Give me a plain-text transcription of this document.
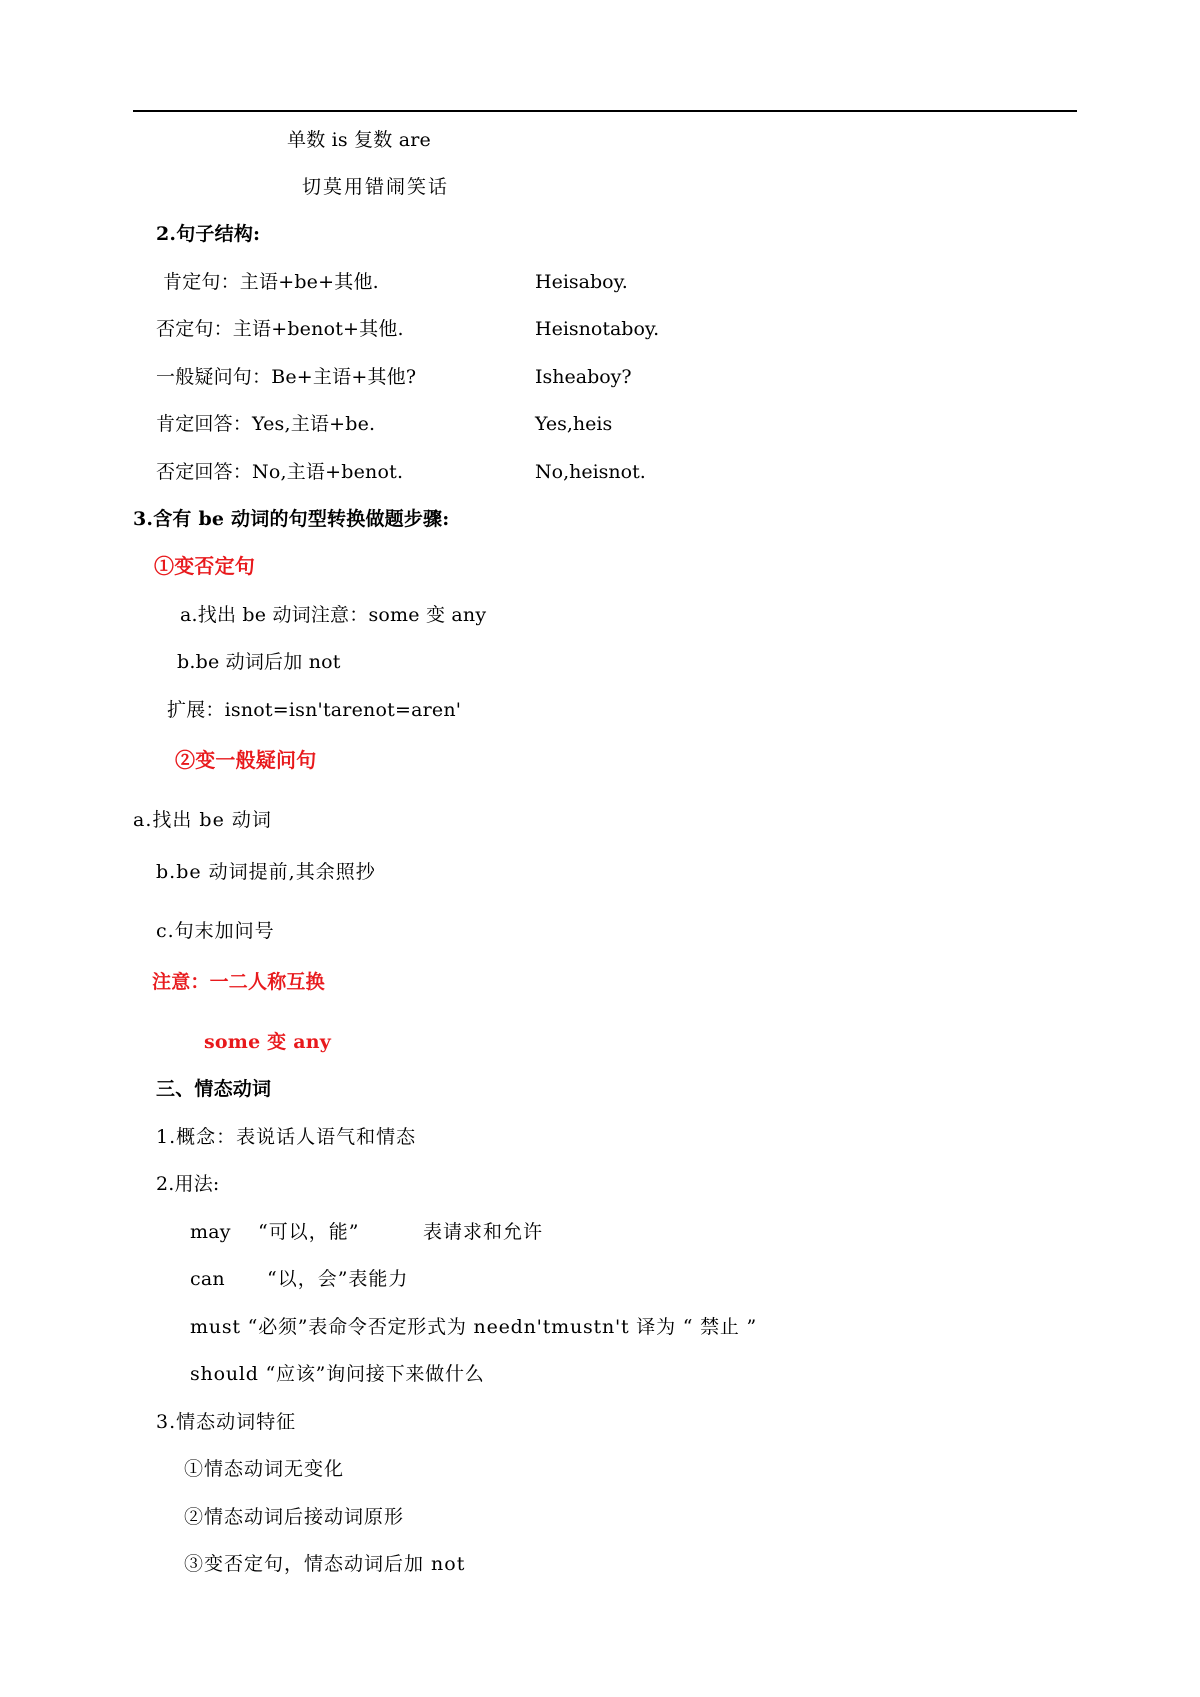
单数 is 复数 are
切莫用错闹笑话
2.句子结构:
肯定句：主语+be+其他.	Heisaboy.
否定句：主语+benot+其他.	Heisnotaboy.
一般疑问句：Be+主语+其他?	Isheaboy?
肯定回答：Yes,主语+be.	Yes,heis
否定回答：No,主语+benot.	No,heisnot.
3.含有 be 动词的句型转换做题步骤:
①变否定句
a.找出 be 动词注意：some 变 any
b.be 动词后加 not
扩展：isnot=isn'tarenot=aren'
②变一般疑问句
a.找出 be 动词
b.be 动词提前,其余照抄
c.句末加问号
注意：一二人称互换
some 变 any
三、情态动词
1.概念：表说话人语气和情态
2.用法:
may “可以，能”	表请求和允许
can “以，会”表能力
must “必须”表命令否定形式为 needn'tmustn't 译为 “ 禁止 ”
should “应该”询问接下来做什么
3.情态动词特征
①情态动词无变化
②情态动词后接动词原形
③变否定句，情态动词后加 not
